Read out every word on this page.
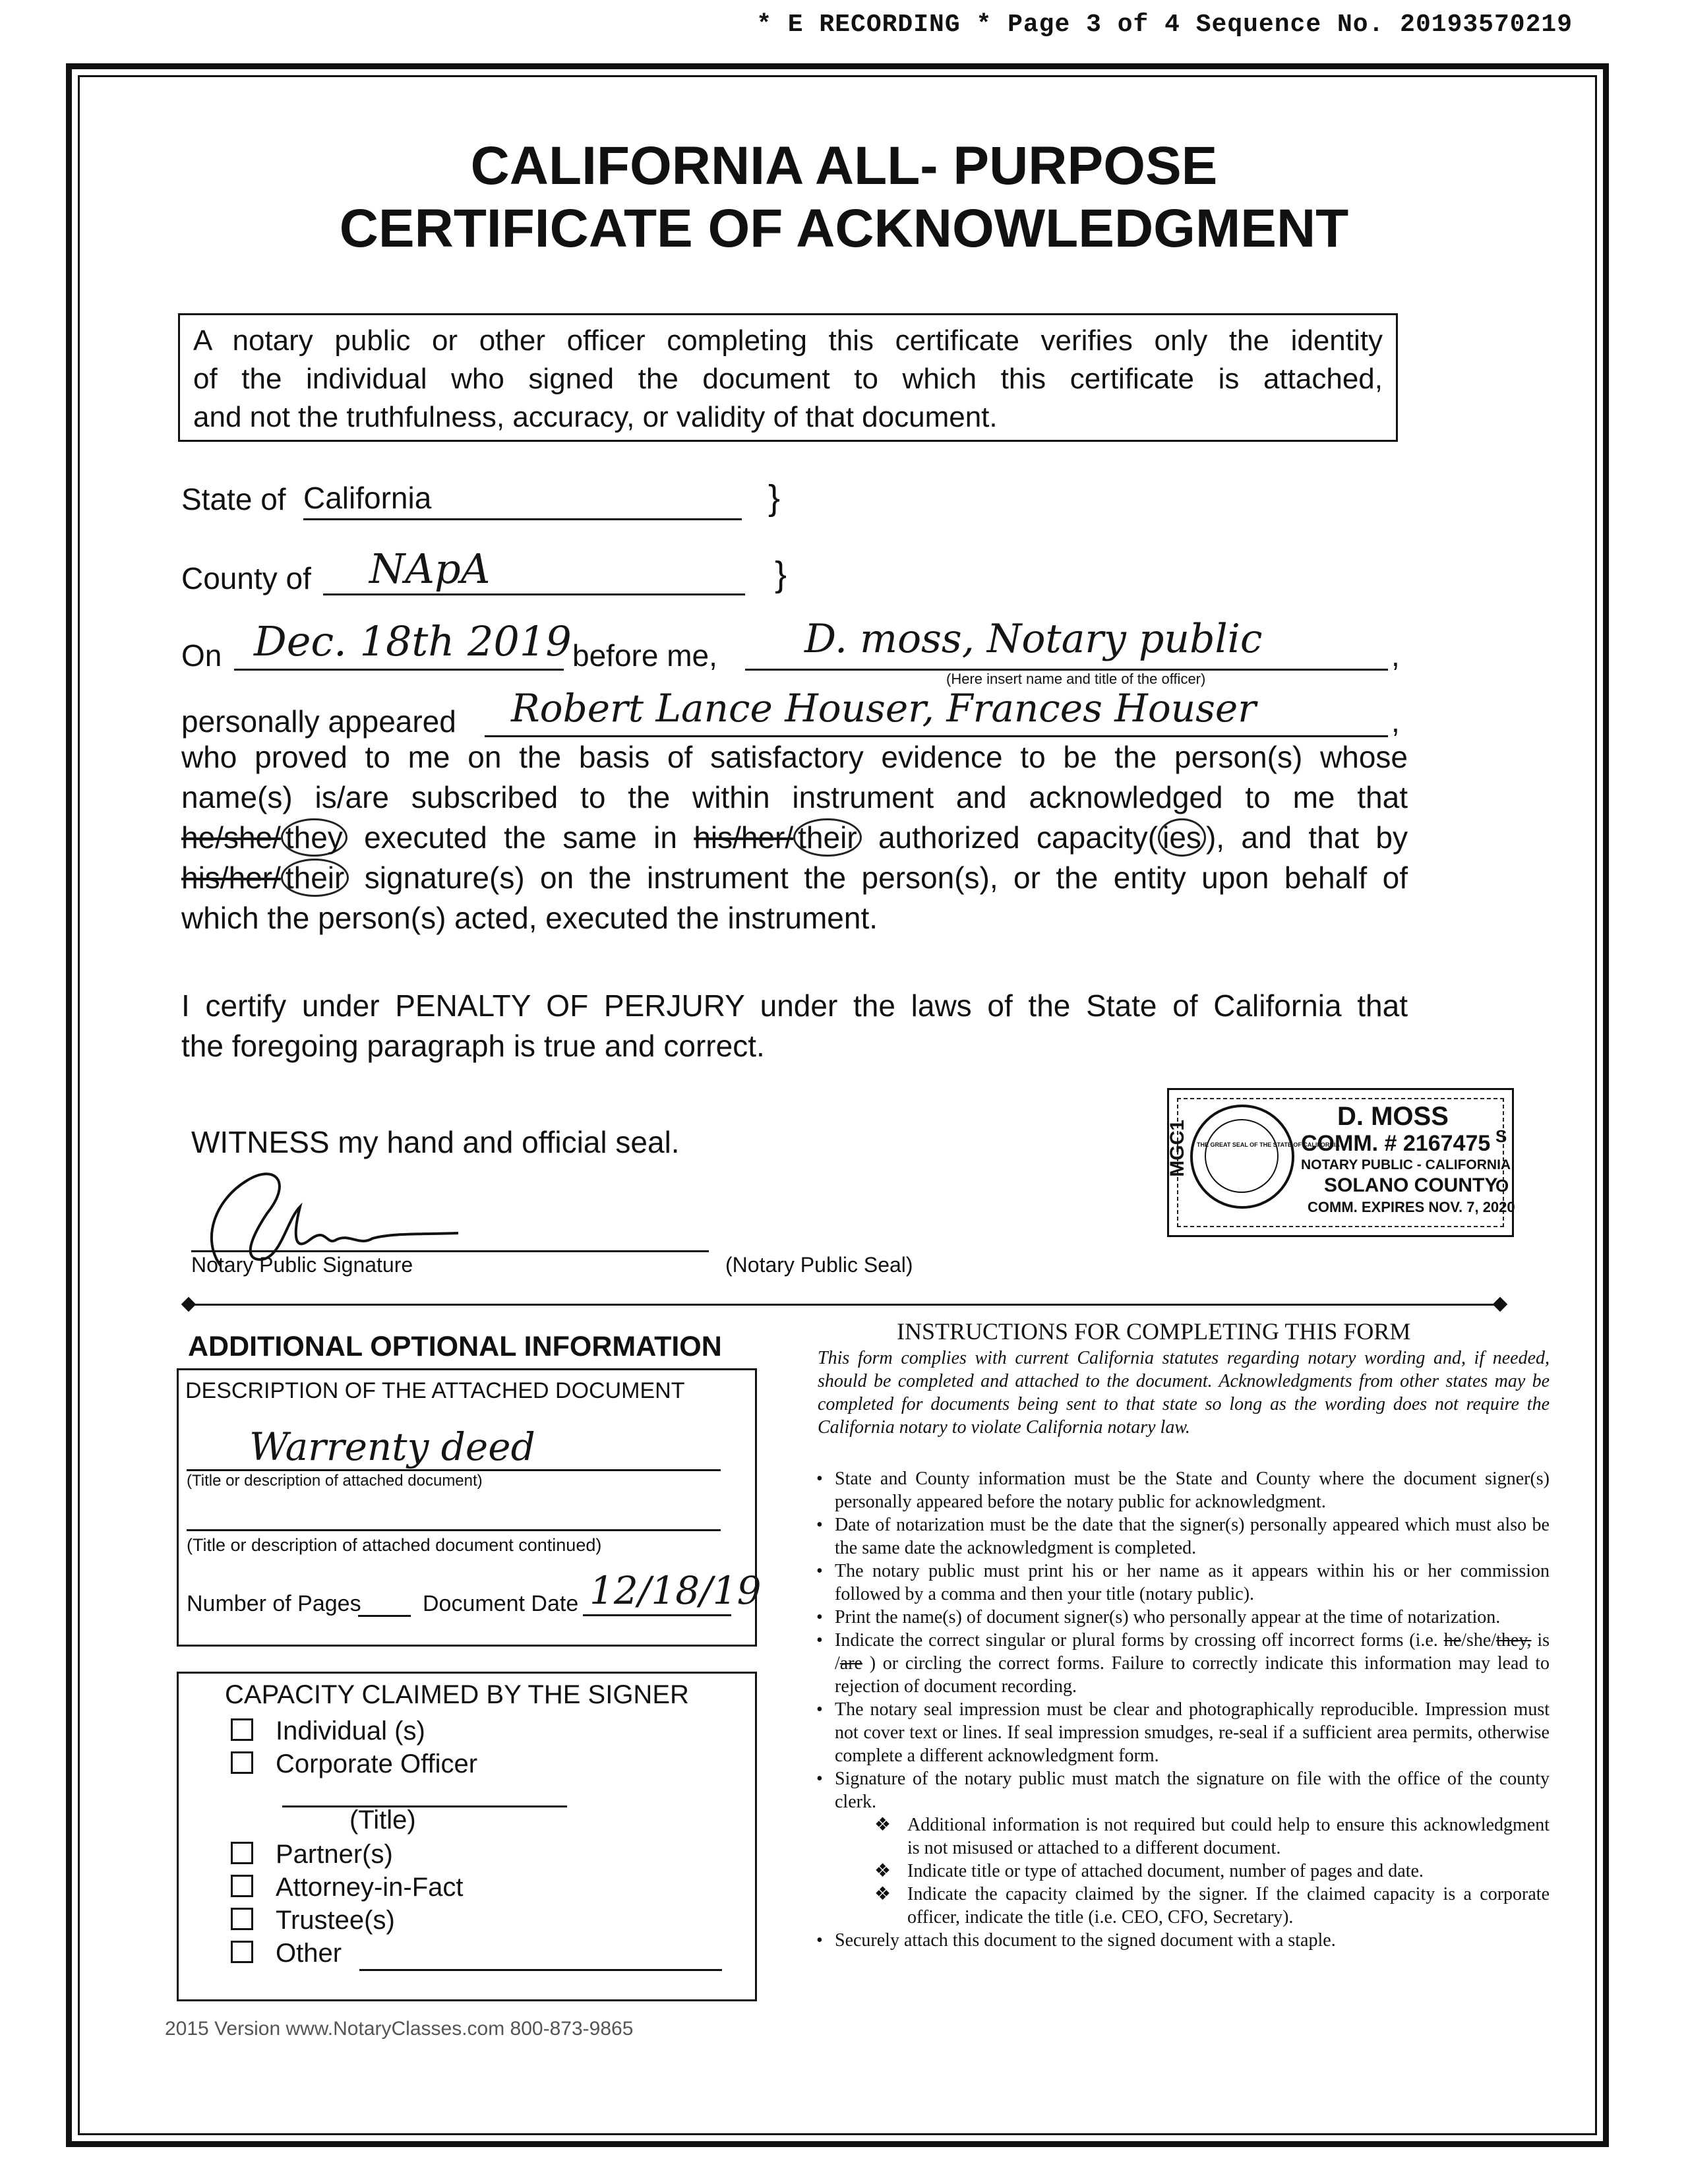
* E RECORDING * Page 3 of 4 Sequence No. 20193570219
CALIFORNIA ALL- PURPOSE
CERTIFICATE OF ACKNOWLEDGMENT
A notary public or other officer completing this certificate verifies only the identity
of the individual who signed the document to which this certificate is attached,
and not the truthfulness, accuracy, or validity of that document.
State of California	}
County of NApA	}
On Dec. 18th 2019 before me, D. moss, Notary public	,
(Here insert name and title of the officer)
personally appeared Robert Lance Houser, Frances Houser	,
who proved to me on the basis of satisfactory evidence to be the person(s) whose
name(s) is/are subscribed to the within instrument and acknowledged to me that
he/she/ they executed the same in his/her/ their authorized capacity( ies ), and that by
his/her/ their signature(s) on the instrument the person(s), or the entity upon behalf of
which the person(s) acted, executed the instrument.
I certify under PENALTY OF PERJURY under the laws of the State of California that
the foregoing paragraph is true and correct.
WITNESS my hand and official seal.
Notary Public Signature	(Notary Public Seal)
THE GREAT SEAL OF THE STATE OF CALIFORNIA
MGC1
D. MOSS
COMM. # 2167475
NOTARY PUBLIC - CALIFORNIA
SOLANO COUNTY
COMM. EXPIRES NOV. 7, 2020
S
O
ADDITIONAL OPTIONAL INFORMATION
DESCRIPTION OF THE ATTACHED DOCUMENT
Warrenty deed
(Title or description of attached document)
(Title or description of attached document continued)
Number of Pages	Document Date 12/18/19
CAPACITY CLAIMED BY THE SIGNER
Individual (s)
Corporate Officer
(Title)
Partner(s)
Attorney-in-Fact
Trustee(s)
Other
INSTRUCTIONS FOR COMPLETING THIS FORM
This form complies with current California statutes regarding notary wording and, if needed, should be completed and attached to the document. Acknowledgments from other states may be completed for documents being sent to that state so long as the wording does not require the California notary to violate California notary law.
• State and County information must be the State and County where the document signer(s) personally appeared before the notary public for acknowledgment.
• Date of notarization must be the date that the signer(s) personally appeared which must also be the same date the acknowledgment is completed.
• The notary public must print his or her name as it appears within his or her commission followed by a comma and then your title (notary public).
• Print the name(s) of document signer(s) who personally appear at the time of notarization.
• Indicate the correct singular or plural forms by crossing off incorrect forms (i.e. he/she/they, is /are ) or circling the correct forms. Failure to correctly indicate this information may lead to rejection of document recording.
• The notary seal impression must be clear and photographically reproducible. Impression must not cover text or lines. If seal impression smudges, re-seal if a sufficient area permits, otherwise complete a different acknowledgment form.
• Signature of the notary public must match the signature on file with the office of the county clerk.
❖ Additional information is not required but could help to ensure this acknowledgment is not misused or attached to a different document.
❖ Indicate title or type of attached document, number of pages and date.
❖ Indicate the capacity claimed by the signer. If the claimed capacity is a corporate officer, indicate the title (i.e. CEO, CFO, Secretary).
• Securely attach this document to the signed document with a staple.
2015 Version www.NotaryClasses.com 800-873-9865
